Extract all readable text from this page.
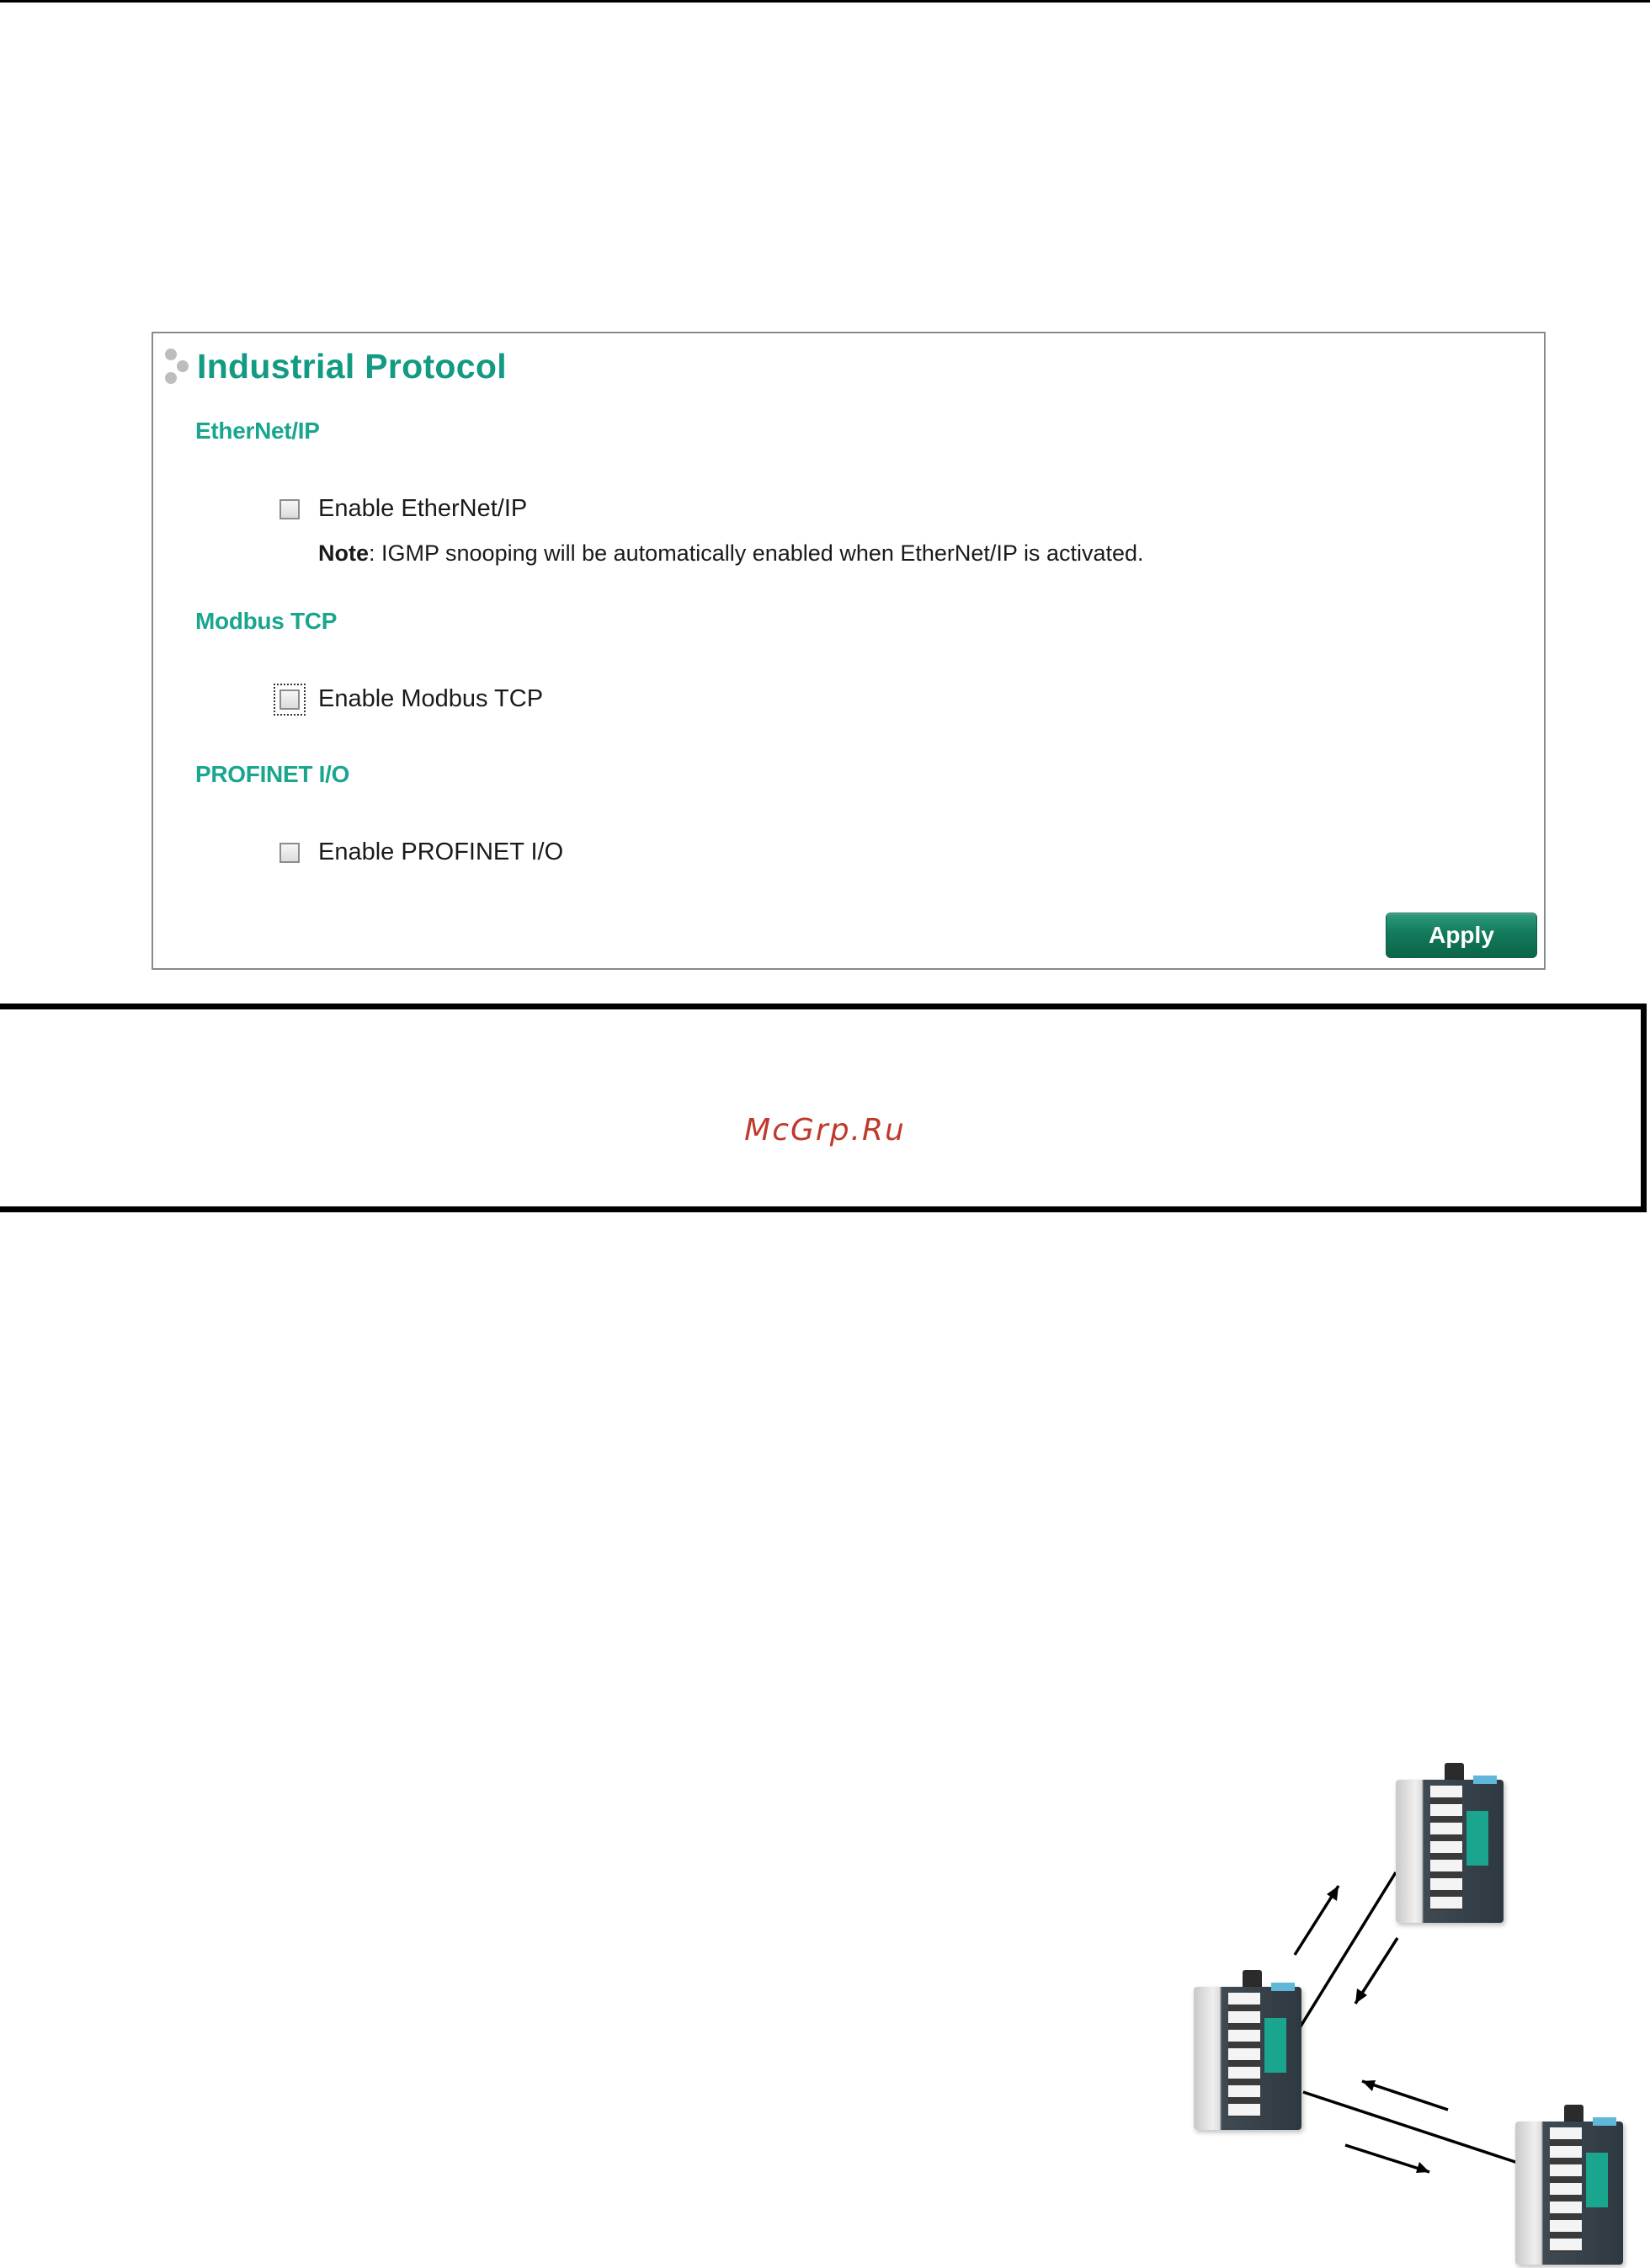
Industrial Protocol
EtherNet/IP
Enable EtherNet/IP
Note: IGMP snooping will be automatically enabled when EtherNet/IP is activated.
Modbus TCP
Enable Modbus TCP
PROFINET I/O
Enable PROFINET I/O
Apply
McGrp.Ru
